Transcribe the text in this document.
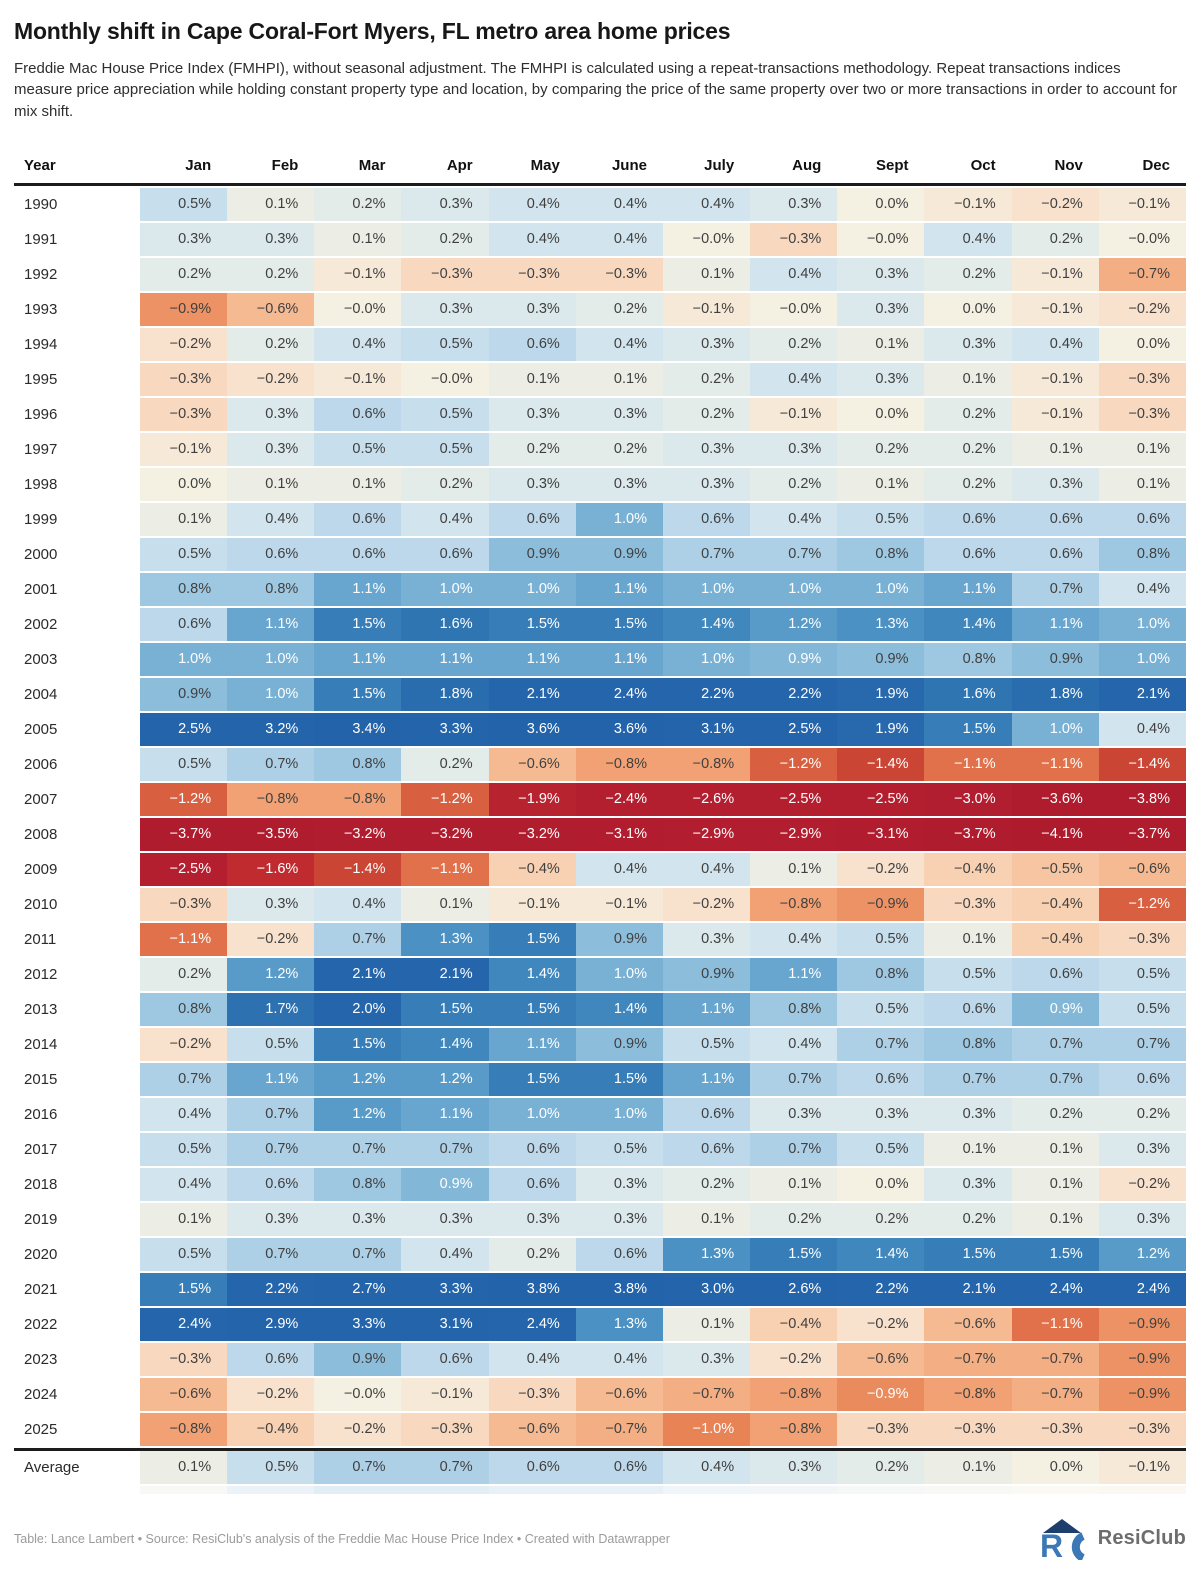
Monthly shift in Cape Coral-Fort Myers, FL metro area home prices

Freddie Mac House Price Index (FMHPI), without seasonal adjustment. The FMHPI is calculated using a repeat-transactions methodology. Repeat transactions indices measure price appreciation while holding constant property type and location, by comparing the price of the same property over two or more transactions in order to account for mix shift.

Year	Jan	Feb	Mar	Apr	May	June	July	Aug	Sept	Oct	Nov	Dec
1990	0.5%	0.1%	0.2%	0.3%	0.4%	0.4%	0.4%	0.3%	0.0%	−0.1%	−0.2%	−0.1%
1991	0.3%	0.3%	0.1%	0.2%	0.4%	0.4%	−0.0%	−0.3%	−0.0%	0.4%	0.2%	−0.0%
1992	0.2%	0.2%	−0.1%	−0.3%	−0.3%	−0.3%	0.1%	0.4%	0.3%	0.2%	−0.1%	−0.7%
1993	−0.9%	−0.6%	−0.0%	0.3%	0.3%	0.2%	−0.1%	−0.0%	0.3%	0.0%	−0.1%	−0.2%
1994	−0.2%	0.2%	0.4%	0.5%	0.6%	0.4%	0.3%	0.2%	0.1%	0.3%	0.4%	0.0%
1995	−0.3%	−0.2%	−0.1%	−0.0%	0.1%	0.1%	0.2%	0.4%	0.3%	0.1%	−0.1%	−0.3%
1996	−0.3%	0.3%	0.6%	0.5%	0.3%	0.3%	0.2%	−0.1%	0.0%	0.2%	−0.1%	−0.3%
1997	−0.1%	0.3%	0.5%	0.5%	0.2%	0.2%	0.3%	0.3%	0.2%	0.2%	0.1%	0.1%
1998	0.0%	0.1%	0.1%	0.2%	0.3%	0.3%	0.3%	0.2%	0.1%	0.2%	0.3%	0.1%
1999	0.1%	0.4%	0.6%	0.4%	0.6%	1.0%	0.6%	0.4%	0.5%	0.6%	0.6%	0.6%
2000	0.5%	0.6%	0.6%	0.6%	0.9%	0.9%	0.7%	0.7%	0.8%	0.6%	0.6%	0.8%
2001	0.8%	0.8%	1.1%	1.0%	1.0%	1.1%	1.0%	1.0%	1.0%	1.1%	0.7%	0.4%
2002	0.6%	1.1%	1.5%	1.6%	1.5%	1.5%	1.4%	1.2%	1.3%	1.4%	1.1%	1.0%
2003	1.0%	1.0%	1.1%	1.1%	1.1%	1.1%	1.0%	0.9%	0.9%	0.8%	0.9%	1.0%
2004	0.9%	1.0%	1.5%	1.8%	2.1%	2.4%	2.2%	2.2%	1.9%	1.6%	1.8%	2.1%
2005	2.5%	3.2%	3.4%	3.3%	3.6%	3.6%	3.1%	2.5%	1.9%	1.5%	1.0%	0.4%
2006	0.5%	0.7%	0.8%	0.2%	−0.6%	−0.8%	−0.8%	−1.2%	−1.4%	−1.1%	−1.1%	−1.4%
2007	−1.2%	−0.8%	−0.8%	−1.2%	−1.9%	−2.4%	−2.6%	−2.5%	−2.5%	−3.0%	−3.6%	−3.8%
2008	−3.7%	−3.5%	−3.2%	−3.2%	−3.2%	−3.1%	−2.9%	−2.9%	−3.1%	−3.7%	−4.1%	−3.7%
2009	−2.5%	−1.6%	−1.4%	−1.1%	−0.4%	0.4%	0.4%	0.1%	−0.2%	−0.4%	−0.5%	−0.6%
2010	−0.3%	0.3%	0.4%	0.1%	−0.1%	−0.1%	−0.2%	−0.8%	−0.9%	−0.3%	−0.4%	−1.2%
2011	−1.1%	−0.2%	0.7%	1.3%	1.5%	0.9%	0.3%	0.4%	0.5%	0.1%	−0.4%	−0.3%
2012	0.2%	1.2%	2.1%	2.1%	1.4%	1.0%	0.9%	1.1%	0.8%	0.5%	0.6%	0.5%
2013	0.8%	1.7%	2.0%	1.5%	1.5%	1.4%	1.1%	0.8%	0.5%	0.6%	0.9%	0.5%
2014	−0.2%	0.5%	1.5%	1.4%	1.1%	0.9%	0.5%	0.4%	0.7%	0.8%	0.7%	0.7%
2015	0.7%	1.1%	1.2%	1.2%	1.5%	1.5%	1.1%	0.7%	0.6%	0.7%	0.7%	0.6%
2016	0.4%	0.7%	1.2%	1.1%	1.0%	1.0%	0.6%	0.3%	0.3%	0.3%	0.2%	0.2%
2017	0.5%	0.7%	0.7%	0.7%	0.6%	0.5%	0.6%	0.7%	0.5%	0.1%	0.1%	0.3%
2018	0.4%	0.6%	0.8%	0.9%	0.6%	0.3%	0.2%	0.1%	0.0%	0.3%	0.1%	−0.2%
2019	0.1%	0.3%	0.3%	0.3%	0.3%	0.3%	0.1%	0.2%	0.2%	0.2%	0.1%	0.3%
2020	0.5%	0.7%	0.7%	0.4%	0.2%	0.6%	1.3%	1.5%	1.4%	1.5%	1.5%	1.2%
2021	1.5%	2.2%	2.7%	3.3%	3.8%	3.8%	3.0%	2.6%	2.2%	2.1%	2.4%	2.4%
2022	2.4%	2.9%	3.3%	3.1%	2.4%	1.3%	0.1%	−0.4%	−0.2%	−0.6%	−1.1%	−0.9%
2023	−0.3%	0.6%	0.9%	0.6%	0.4%	0.4%	0.3%	−0.2%	−0.6%	−0.7%	−0.7%	−0.9%
2024	−0.6%	−0.2%	−0.0%	−0.1%	−0.3%	−0.6%	−0.7%	−0.8%	−0.9%	−0.8%	−0.7%	−0.9%
2025	−0.8%	−0.4%	−0.2%	−0.3%	−0.6%	−0.7%	−1.0%	−0.8%	−0.3%	−0.3%	−0.3%	−0.3%
Average	0.1%	0.5%	0.7%	0.7%	0.6%	0.6%	0.4%	0.3%	0.2%	0.1%	0.0%	−0.1%
Table: Lance Lambert • Source: ResiClub's analysis of the Freddie Mac House Price Index • Created with Datawrapper	R ResiClub
